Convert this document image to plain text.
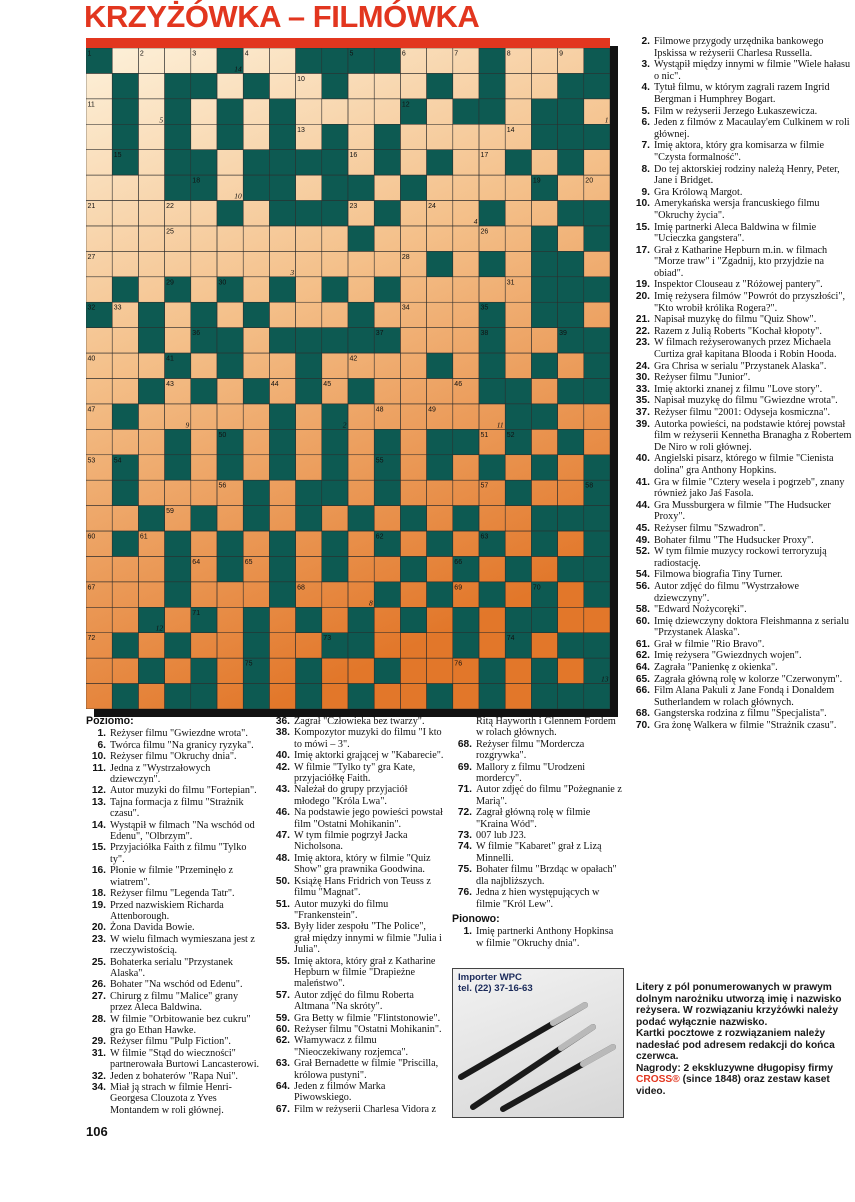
KRZYŻÓWKA – FILMÓWKA
1	2	3	4	5	6	7	8	9
10
11	12
13	14
15	16	17
18	19	20
21	22	23	24
25	26
27	28
29	30	31
32	33	34	35
36	37	38	39
40	41	42
43	44	45	46
47	48	49
50	51	52
53	54	55
56	57	58
59
60	61	62	63
64	65	66
67	68	69	70
71
72	73	74
75	76
14
5	1
10
4
3
9	2	11
8
12
13
2. Filmowe przygody urzędnika bankowego Ipskissa w reżyserii Charlesa Russella.
3. Wystąpił między innymi w filmie "Wiele hałasu o nic".
4. Tytuł filmu, w którym zagrali razem Ingrid Bergman i Humphrey Bogart.
5. Film w reżyserii Jerzego Łukaszewicza.
6. Jeden z filmów z Macaulay'em Culkinem w roli głównej.
7. Imię aktora, który gra komisarza w filmie "Czysta formalność".
8. Do tej aktorskiej rodziny należą Henry, Peter, Jane i Bridget.
9. Gra Królową Margot.
10. Amerykańska wersja francuskiego filmu "Okruchy życia".
15. Imię partnerki Aleca Baldwina w filmie "Ucieczka gangstera".
17. Grał z Katharine Hepburn m.in. w filmach "Morze traw" i "Zgadnij, kto przyjdzie na obiad".
19. Inspektor Clouseau z "Różowej pantery".
20. Imię reżysera filmów "Powrót do przyszłości", "Kto wrobił królika Rogera?".
21. Napisał muzykę do filmu "Quiz Show".
22. Razem z Julią Roberts "Kochał kłopoty".
23. W filmach reżyserowanych przez Michaela Curtiza grał kapitana Blooda i Robin Hooda.
24. Gra Chrisa w serialu "Przystanek Alaska".
30. Reżyser filmu "Junior".
33. Imię aktorki znanej z filmu "Love story".
35. Napisał muzykę do filmu "Gwiezdne wrota".
37. Reżyser filmu "2001: Odyseja kosmiczna".
39. Autorka powieści, na podstawie której powstał film w reżyserii Kennetha Branagha z Robertem De Niro w roli głównej.
40. Angielski pisarz, którego w filmie "Cienista dolina" gra Anthony Hopkins.
41. Gra w filmie "Cztery wesela i pogrzeb", znany również jako Jaś Fasola.
44. Gra Mussburgera w filmie "The Hudsucker Proxy".
45. Reżyser filmu "Szwadron".
49. Bohater filmu "The Hudsucker Proxy".
52. W tym filmie muzycy rockowi terroryzują radiostację.
54. Filmowa biografia Tiny Turner.
56. Autor zdjęć do filmu "Wystrzałowe dziewczyny".
58. "Edward Nożycoręki".
60. Imię dziewczyny doktora Fleishmanna z serialu "Przystanek Alaska".
61. Grał w filmie "Rio Bravo".
62. Imię reżysera "Gwiezdnych wojen".
64. Zagrała "Panienkę z okienka".
65. Zagrała główną rolę w kolorze "Czerwonym".
66. Film Alana Pakuli z Jane Fondą i Donaldem Sutherlandem w rolach głównych.
68. Gangsterska rodzina z filmu "Specjalista".
70. Gra żonę Walkera w filmie "Strażnik czasu".
Poziomo:
1. Reżyser filmu "Gwiezdne wrota".
6. Twórca filmu "Na granicy ryzyka".
10. Reżyser filmu "Okruchy dnia".
11. Jedna z "Wystrzałowych dziewczyn".
12. Autor muzyki do filmu "Fortepian".
13. Tajna formacja z filmu "Strażnik czasu".
14. Wystąpił w filmach "Na wschód od Edenu", "Olbrzym".
15. Przyjaciółka Faith z filmu "Tylko ty".
16. Płonie w filmie "Przeminęło z wiatrem".
18. Reżyser filmu "Legenda Tatr".
19. Przed nazwiskiem Richarda Attenborough.
20. Żona Davida Bowie.
23. W wielu filmach wymieszana jest z rzeczywistością.
25. Bohaterka serialu "Przystanek Alaska".
26. Bohater "Na wschód od Edenu".
27. Chirurg z filmu "Malice" grany przez Aleca Baldwina.
28. W filmie "Orbitowanie bez cukru" gra go Ethan Hawke.
29. Reżyser filmu "Pulp Fiction".
31. W filmie "Stąd do wieczności" partnerowała Burtowi Lancasterowi.
32. Jeden z bohaterów "Rapa Nui".
34. Miał ją strach w filmie Henri-Georgesa Clouzota z Yves Montandem w roli głównej.
36. Zagrał "Człowieka bez twarzy".
38. Kompozytor muzyki do filmu "I kto to mówi – 3".
40. Imię aktorki grającej w "Kabarecie".
42. W filmie "Tylko ty" gra Kate, przyjaciółkę Faith.
43. Należał do grupy przyjaciół młodego "Króla Lwa".
46. Na podstawie jego powieści powstał film "Ostatni Mohikanin".
47. W tym filmie pogrzył Jacka Nicholsona.
48. Imię aktora, który w filmie "Quiz Show" gra prawnika Goodwina.
50. Książę Hans Fridrich von Teuss z filmu "Magnat".
51. Autor muzyki do filmu "Frankenstein".
53. Były lider zespołu "The Police", grał między innymi w filmie "Julia i Julia".
55. Imię aktora, który grał z Katharine Hepburn w filmie "Drapieżne maleństwo".
57. Autor zdjęć do filmu Roberta Altmana "Na skróty".
59. Gra Betty w filmie "Flintstonowie".
60. Reżyser filmu "Ostatni Mohikanin".
62. Włamywacz z filmu "Nieoczekiwany rozjemca".
63. Grał Bernadette w filmie "Priscilla, królowa pustyni".
64. Jeden z filmów Marka Piwowskiego.
67. Film w reżyserii Charlesa Vidora z
Ritą Hayworth i Glennem Fordem w rolach głównych.
68. Reżyser filmu "Mordercza rozgrywka".
69. Mallory z filmu "Urodzeni mordercy".
71. Autor zdjęć do filmu "Pożegnanie z Marią".
72. Zagrał główną rolę w filmie "Kraina Wód".
73. 007 lub J23.
74. W filmie "Kabaret" grał z Lizą Minnelli.
75. Bohater filmu "Brzdąc w opałach" dla najbliższych.
76. Jedna z hien występujących w filmie "Król Lew".
Pionowo:
1. Imię partnerki Anthony Hopkinsa w filmie "Okruchy dnia".
Importer WPC
tel. (22) 37-16-63	Litery z pól ponumerowanych w prawym dolnym narożniku utworzą imię i nazwisko reżysera. W rozwiązaniu krzyżówki należy podać wyłącznie nazwisko.
Kartki pocztowe z rozwiązaniem należy nadesłać pod adresem redakcji do końca czerwca.
Nagrody: 2 ekskluzywne długopisy firmy CROSS® (since 1848) oraz zestaw kaset video.
106
